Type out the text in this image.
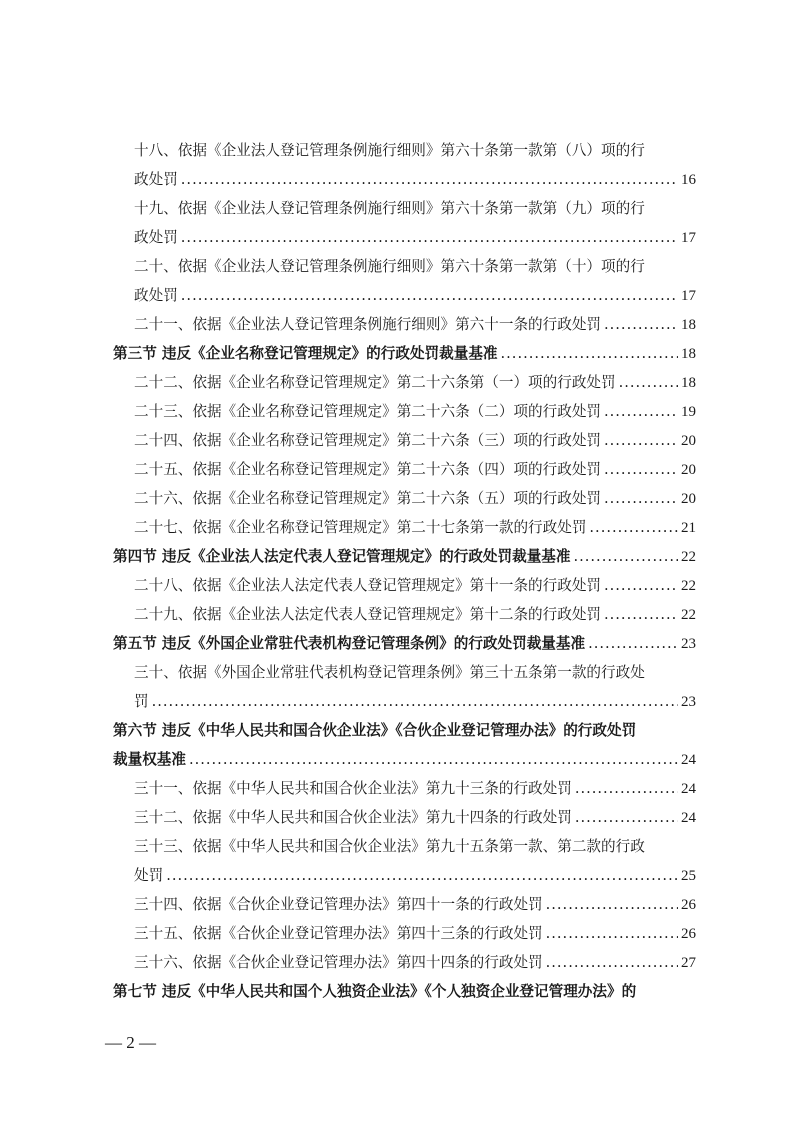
十八、依据《企业法人登记管理条例施行细则》第六十条第一款第（八）项的行
政处罚 .....	16
十九、依据《企业法人登记管理条例施行细则》第六十条第一款第（九）项的行
政处罚 .....	17
二十、依据《企业法人登记管理条例施行细则》第六十条第一款第（十）项的行
政处罚 .....	17
二十一、依据《企业法人登记管理条例施行细则》第六十一条的行政处罚 .....	18
第三节 违反《企业名称登记管理规定》的行政处罚裁量基准 .....	18
二十二、依据《企业名称登记管理规定》第二十六条第（一）项的行政处罚 .....	18
二十三、依据《企业名称登记管理规定》第二十六条（二）项的行政处罚 .....	19
二十四、依据《企业名称登记管理规定》第二十六条（三）项的行政处罚 .....	20
二十五、依据《企业名称登记管理规定》第二十六条（四）项的行政处罚 .....	20
二十六、依据《企业名称登记管理规定》第二十六条（五）项的行政处罚 .....	20
二十七、依据《企业名称登记管理规定》第二十七条第一款的行政处罚 .....	21
第四节 违反《企业法人法定代表人登记管理规定》的行政处罚裁量基准 .....	22
二十八、依据《企业法人法定代表人登记管理规定》第十一条的行政处罚 .....	22
二十九、依据《企业法人法定代表人登记管理规定》第十二条的行政处罚 .....	22
第五节 违反《外国企业常驻代表机构登记管理条例》的行政处罚裁量基准 .....	23
三十、依据《外国企业常驻代表机构登记管理条例》第三十五条第一款的行政处
罚 .....	23
第六节 违反《中华人民共和国合伙企业法》《合伙企业登记管理办法》的行政处罚
裁量权基准 .....	24
三十一、依据《中华人民共和国合伙企业法》第九十三条的行政处罚 .....	24
三十二、依据《中华人民共和国合伙企业法》第九十四条的行政处罚 .....	24
三十三、依据《中华人民共和国合伙企业法》第九十五条第一款、第二款的行政
处罚 .....	25
三十四、依据《合伙企业登记管理办法》第四十一条的行政处罚 .....	26
三十五、依据《合伙企业登记管理办法》第四十三条的行政处罚 .....	26
三十六、依据《合伙企业登记管理办法》第四十四条的行政处罚 .....	27
第七节 违反《中华人民共和国个人独资企业法》《个人独资企业登记管理办法》的
— 2 —
